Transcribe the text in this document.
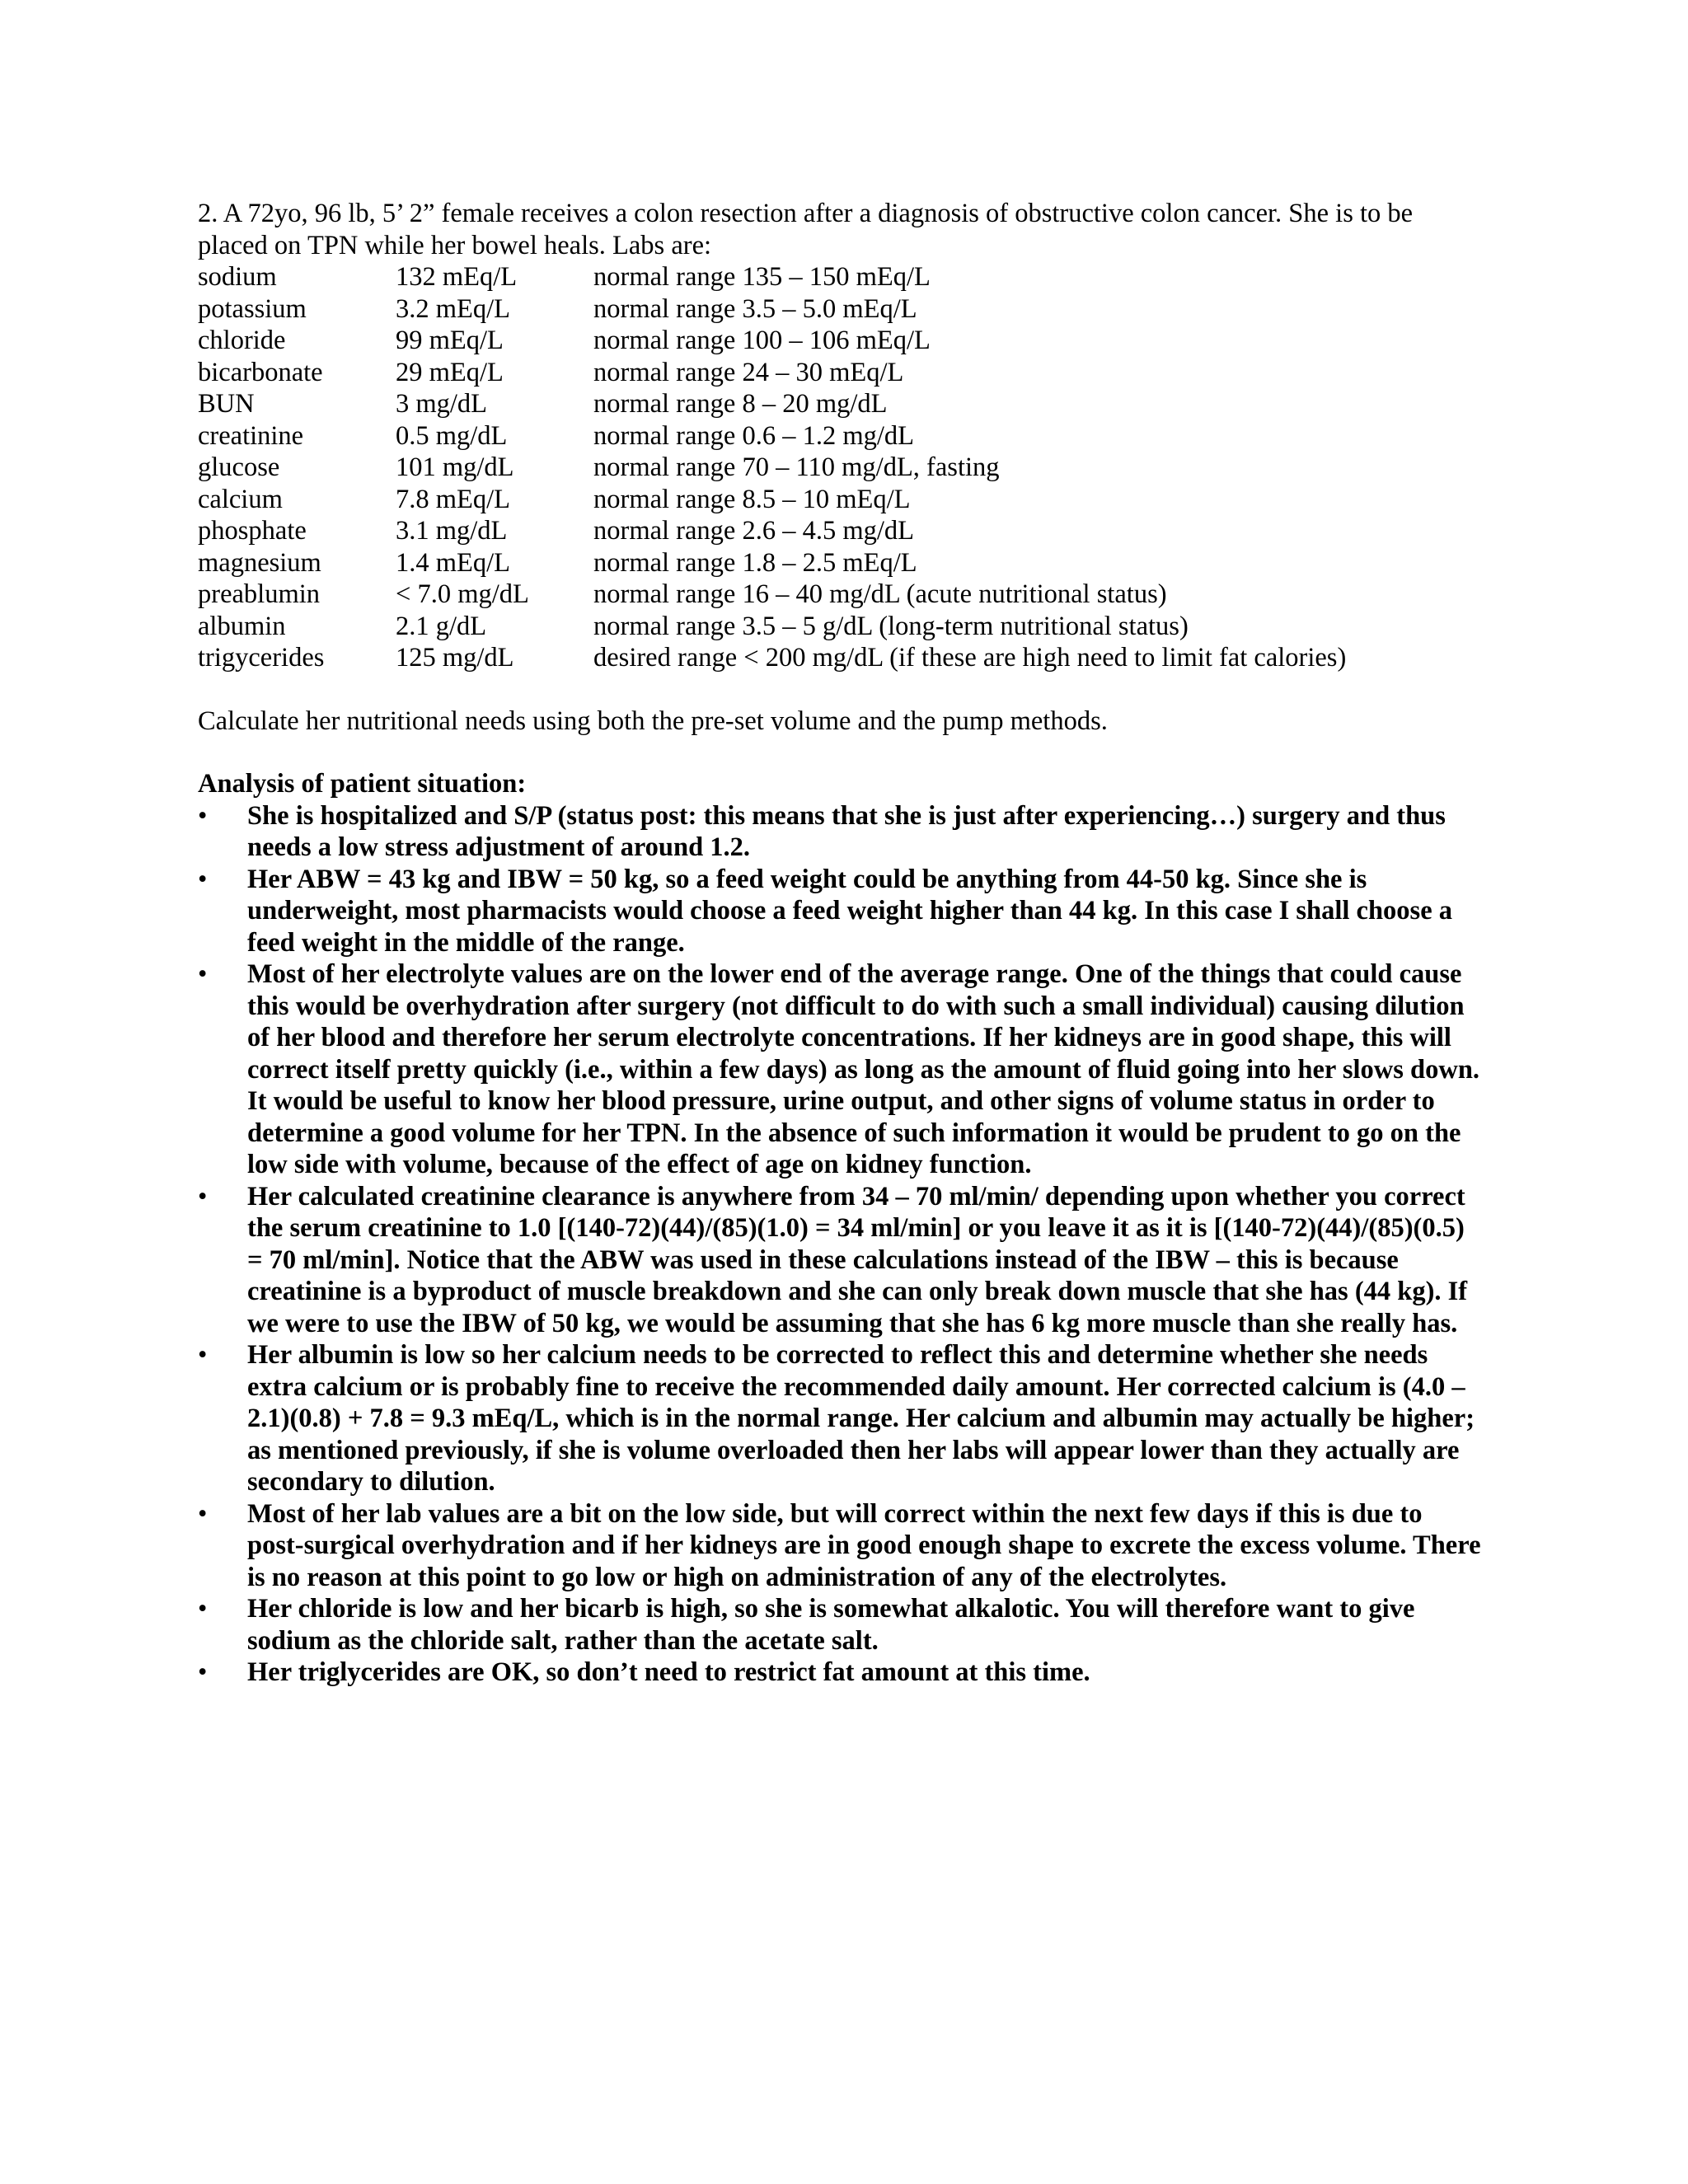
2. A 72yo, 96 lb, 5’ 2” female receives a colon resection after a diagnosis of obstructive colon cancer. She is to be

placed on TPN while her bowel heals. Labs are:

sodium	132 mEq/L	normal range 135 – 150 mEq/L
potassium	3.2 mEq/L	normal range 3.5 – 5.0 mEq/L
chloride	99 mEq/L	normal range 100 – 106 mEq/L
bicarbonate	29 mEq/L	normal range 24 – 30 mEq/L
BUN	3 mg/dL	normal range 8 – 20 mg/dL
creatinine	0.5 mg/dL	normal range 0.6 – 1.2 mg/dL
glucose	101 mg/dL	normal range 70 – 110 mg/dL, fasting
calcium	7.8 mEq/L	normal range 8.5 – 10 mEq/L
phosphate	3.1 mg/dL	normal range 2.6 – 4.5 mg/dL
magnesium	1.4 mEq/L	normal range 1.8 – 2.5 mEq/L
preablumin	< 7.0 mg/dL	normal range 16 – 40 mg/dL (acute nutritional status)
albumin	2.1 g/dL	normal range 3.5 – 5 g/dL (long-term nutritional status)
trigycerides	125 mg/dL	desired range < 200 mg/dL (if these are high need to limit fat calories)

Calculate her nutritional needs using both the pre-set volume and the pump methods.

Analysis of patient situation:
•	She is hospitalized and S/P (status post: this means that she is just after experiencing…) surgery and thus needs a low stress adjustment of around 1.2.
•	Her ABW = 43 kg and IBW = 50 kg, so a feed weight could be anything from 44-50 kg. Since she is underweight, most pharmacists would choose a feed weight higher than 44 kg. In this case I shall choose a feed weight in the middle of the range.
•	Most of her electrolyte values are on the lower end of the average range. One of the things that could cause this would be overhydration after surgery (not difficult to do with such a small individual) causing dilution of her blood and therefore her serum electrolyte concentrations. If her kidneys are in good shape, this will correct itself pretty quickly (i.e., within a few days) as long as the amount of fluid going into her slows down. It would be useful to know her blood pressure, urine output, and other signs of volume status in order to determine a good volume for her TPN. In the absence of such information it would be prudent to go on the low side with volume, because of the effect of age on kidney function.
•	Her calculated creatinine clearance is anywhere from 34 – 70 ml/min/ depending upon whether you correct the serum creatinine to 1.0 [(140-72)(44)/(85)(1.0) = 34 ml/min] or you leave it as it is [(140-72)(44)/(85)(0.5) = 70 ml/min]. Notice that the ABW was used in these calculations instead of the IBW – this is because creatinine is a byproduct of muscle breakdown and she can only break down muscle that she has (44 kg). If we were to use the IBW of 50 kg, we would be assuming that she has 6 kg more muscle than she really has.
•	Her albumin is low so her calcium needs to be corrected to reflect this and determine whether she needs extra calcium or is probably fine to receive the recommended daily amount. Her corrected calcium is (4.0 – 2.1)(0.8) + 7.8 = 9.3 mEq/L, which is in the normal range. Her calcium and albumin may actually be higher; as mentioned previously, if she is volume overloaded then her labs will appear lower than they actually are secondary to dilution.
•	Most of her lab values are a bit on the low side, but will correct within the next few days if this is due to post-surgical overhydration and if her kidneys are in good enough shape to excrete the excess volume. There is no reason at this point to go low or high on administration of any of the electrolytes.
•	Her chloride is low and her bicarb is high, so she is somewhat alkalotic. You will therefore want to give sodium as the chloride salt, rather than the acetate salt.
•	Her triglycerides are OK, so don’t need to restrict fat amount at this time.
